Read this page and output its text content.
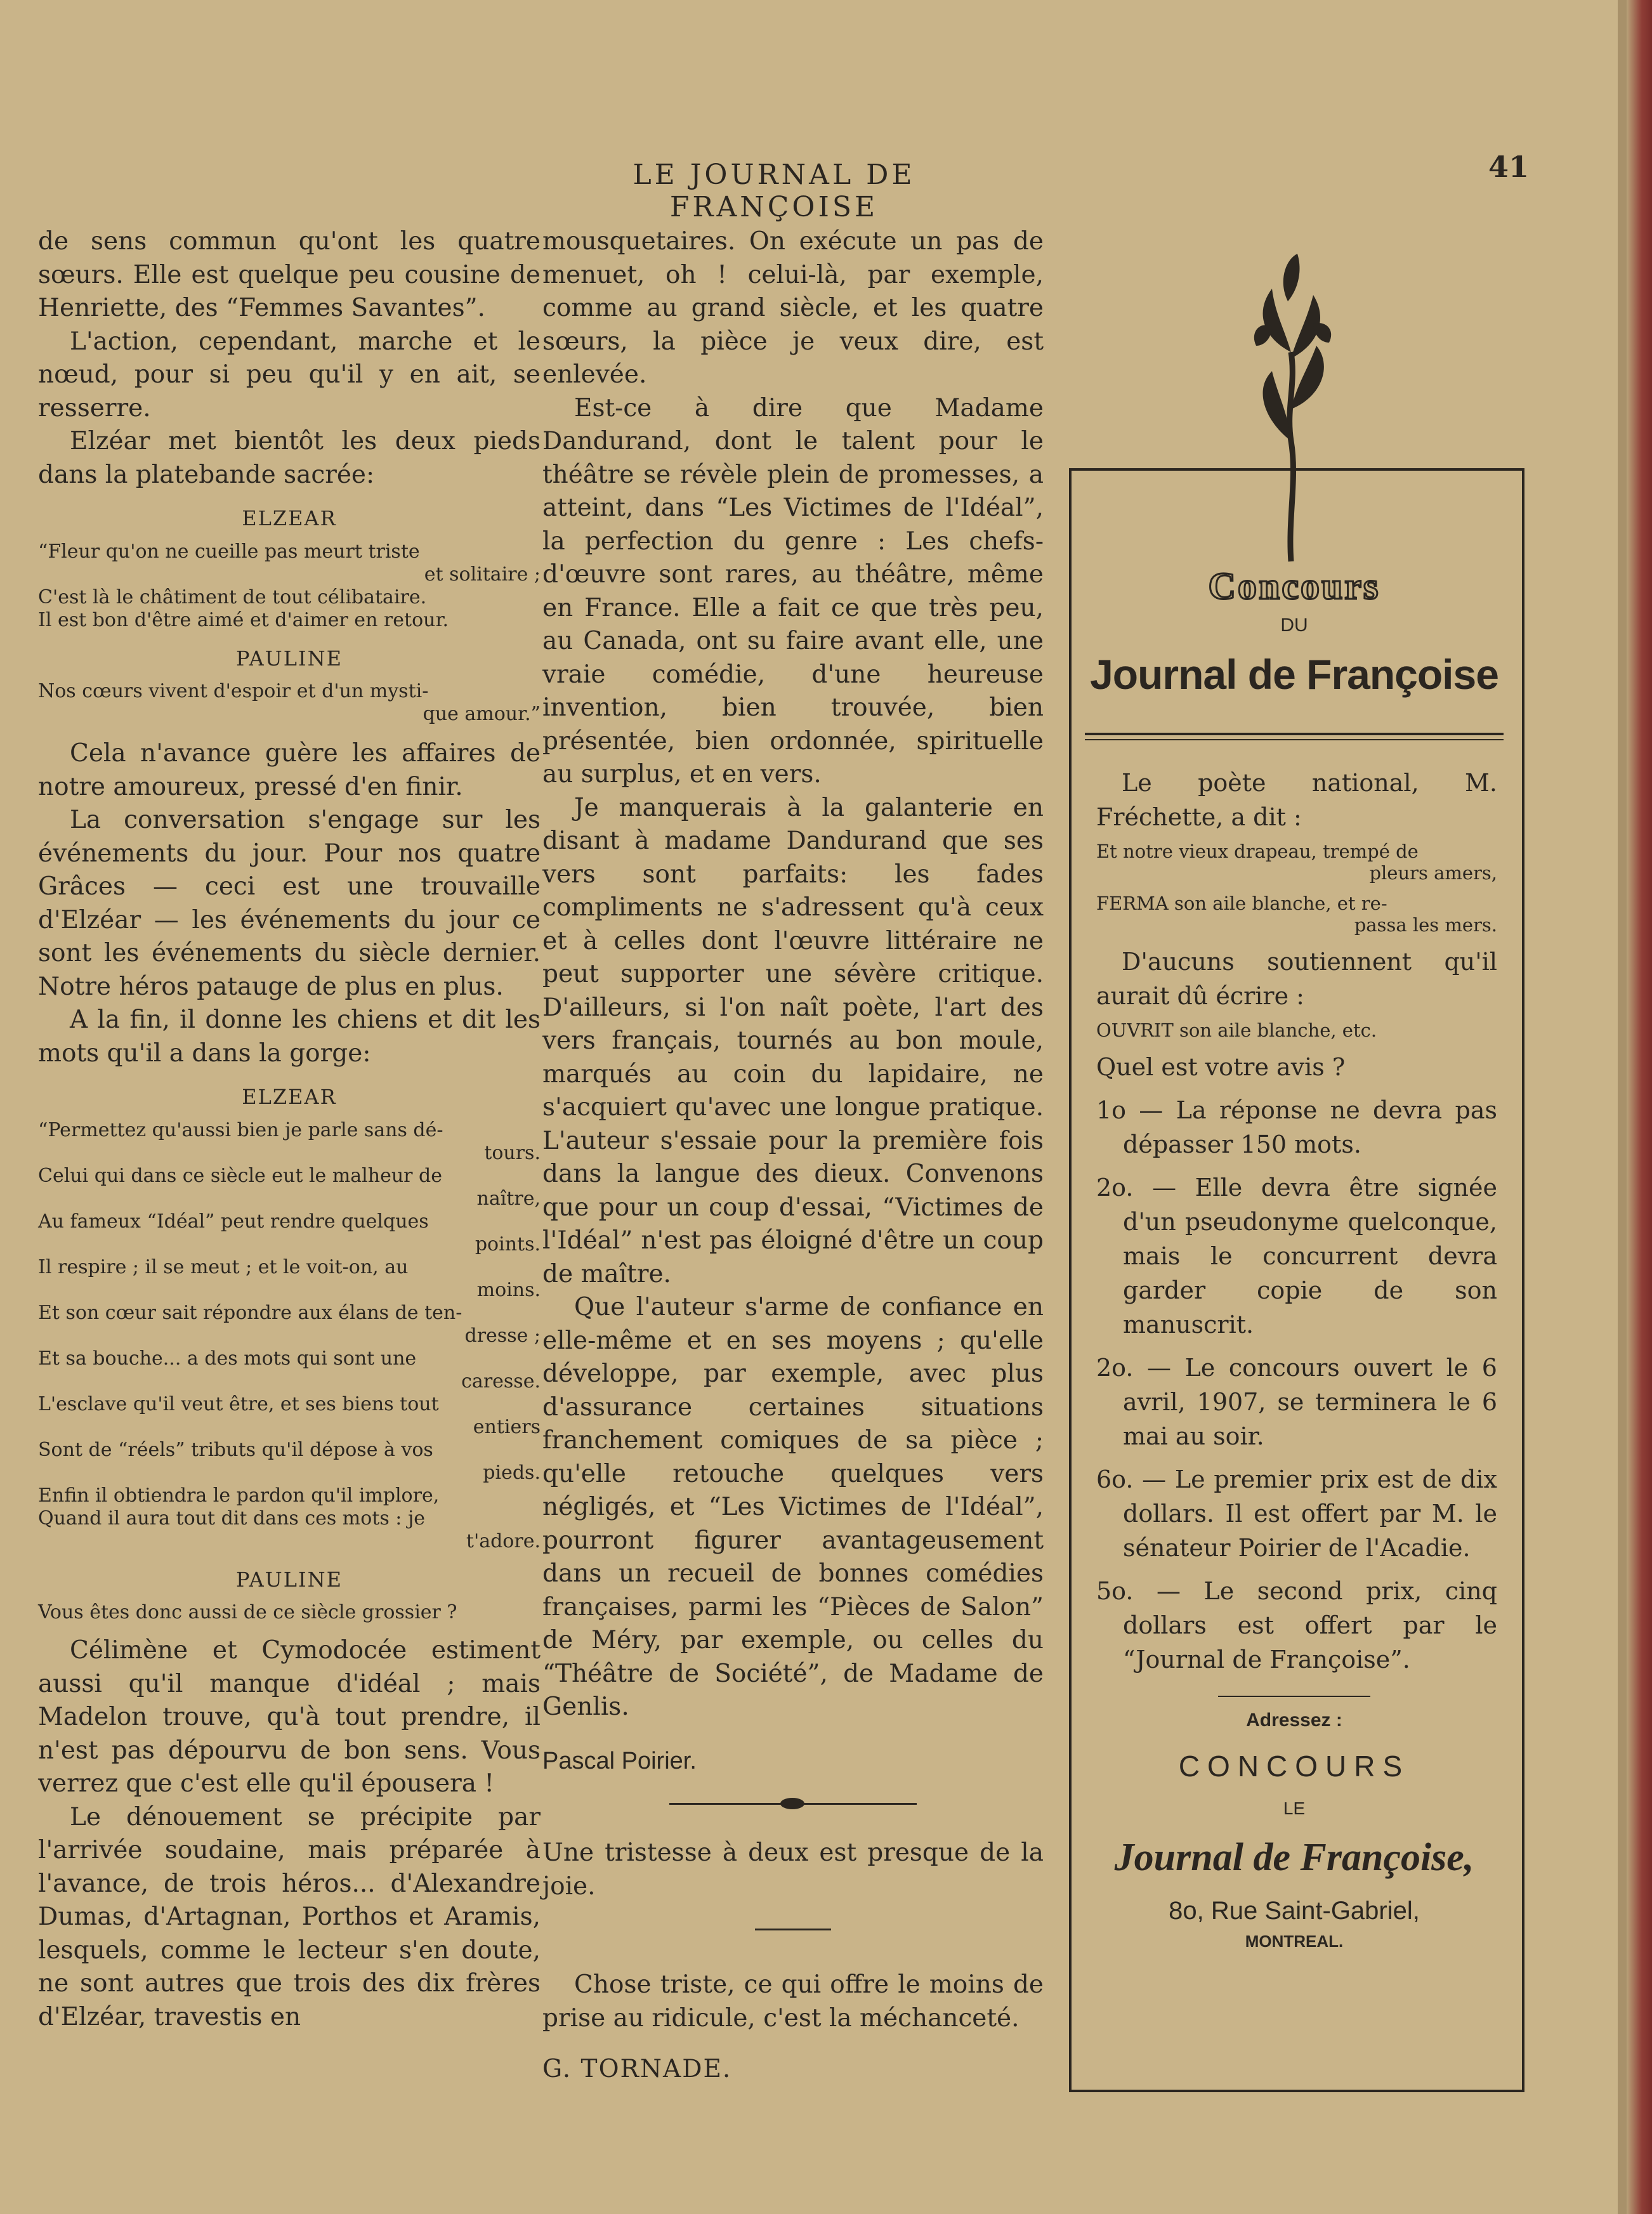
LE JOURNAL DE FRANÇOISE
41

de sens commun qu'ont les quatre sœurs. Elle est quelque peu cousine de Henriette, des “Femmes Savantes”.

L'action, cependant, marche et le nœud, pour si peu qu'il y en ait, se resserre.

Elzéar met bientôt les deux pieds dans la platebande sacrée:

ELZEAR

“Fleur qu'on ne cueille pas meurt triste
et solitaire ;

C'est là le châtiment de tout célibataire.

Il est bon d'être aimé et d'aimer en retour.

PAULINE

Nos cœurs vivent d'espoir et d'un mysti-
que amour.”

Cela n'avance guère les affaires de notre amoureux, pressé d'en finir.

La conversation s'engage sur les événements du jour. Pour nos quatre Grâces — ceci est une trouvaille d'Elzéar — les événements du jour ce sont les événements du siècle dernier. Notre héros patauge de plus en plus.

A la fin, il donne les chiens et dit les mots qu'il a dans la gorge:

ELZEAR

“Permettez qu'aussi bien je parle sans dé-
tours.

Celui qui dans ce siècle eut le malheur de
naître,

Au fameux “Idéal” peut rendre quelques
points.

Il respire ; il se meut ; et le voit-on, au
moins.

Et son cœur sait répondre aux élans de ten-
dresse ;

Et sa bouche... a des mots qui sont une
caresse.

L'esclave qu'il veut être, et ses biens tout
entiers

Sont de “réels” tributs qu'il dépose à vos
pieds.

Enfin il obtiendra le pardon qu'il implore,

Quand il aura tout dit dans ces mots : je
t'adore.

PAULINE

Vous êtes donc aussi de ce siècle grossier ?

Célimène et Cymodocée estiment aussi qu'il manque d'idéal ; mais Madelon trouve, qu'à tout prendre, il n'est pas dépourvu de bon sens. Vous verrez que c'est elle qu'il épousera !

Le dénouement se précipite par l'arrivée soudaine, mais préparée à l'avance, de trois héros... d'Alexandre Dumas, d'Artagnan, Porthos et Aramis, lesquels, comme le lecteur s'en doute, ne sont autres que trois des dix frères d'Elzéar, travestis en

mousquetaires. On exécute un pas de menuet, oh ! celui-là, par exemple, comme au grand siècle, et les quatre sœurs, la pièce je veux dire, est enlevée.

Est-ce à dire que Madame Dandurand, dont le talent pour le théâtre se révèle plein de promesses, a atteint, dans “Les Victimes de l'Idéal”, la perfection du genre : Les chefs-d'œuvre sont rares, au théâtre, même en France. Elle a fait ce que très peu, au Canada, ont su faire avant elle, une vraie comédie, d'une heureuse invention, bien trouvée, bien présentée, bien ordonnée, spirituelle au surplus, et en vers.

Je manquerais à la galanterie en disant à madame Dandurand que ses vers sont parfaits: les fades compliments ne s'adressent qu'à ceux et à celles dont l'œuvre littéraire ne peut supporter une sévère critique. D'ailleurs, si l'on naît poète, l'art des vers français, tournés au bon moule, marqués au coin du lapidaire, ne s'acquiert qu'avec une longue pratique. L'auteur s'essaie pour la première fois dans la langue des dieux. Convenons que pour un coup d'essai, “Victimes de l'Idéal” n'est pas éloigné d'être un coup de maître.

Que l'auteur s'arme de confiance en elle-même et en ses moyens ; qu'elle développe, par exemple, avec plus d'assurance certaines situations franchement comiques de sa pièce ; qu'elle retouche quelques vers négligés, et “Les Victimes de l'Idéal”, pourront figurer avantageusement dans un recueil de bonnes comédies françaises, parmi les “Pièces de Salon” de Méry, par exemple, ou celles du “Théâtre de Société”, de Madame de Genlis.

Pascal Poirier.

Une tristesse à deux est presque de la joie.

Chose triste, ce qui offre le moins de prise au ridicule, c'est la méchanceté.

G. TORNADE.

Concours

DU

Journal de Françoise

Le poète national, M. Fréchette, a dit :

Et notre vieux drapeau, trempé de
pleurs amers,

FERMA son aile blanche, et re-
passa les mers.

D'aucuns soutiennent qu'il aurait dû écrire :

OUVRIT son aile blanche, etc.

Quel est votre avis ?

1o — La réponse ne devra pas dépasser 150 mots.

2o. — Elle devra être signée d'un pseudonyme quelconque, mais le concurrent devra garder copie de son manuscrit.

2o. — Le concours ouvert le 6 avril, 1907, se terminera le 6 mai au soir.

6o. — Le premier prix est de dix dollars. Il est offert par M. le sénateur Poirier de l'Acadie.

5o. — Le second prix, cinq dollars est offert par le “Journal de Françoise”.

Adressez :

CONCOURS

LE

Journal de Françoise,

8o, Rue Saint-Gabriel,
MONTREAL.
